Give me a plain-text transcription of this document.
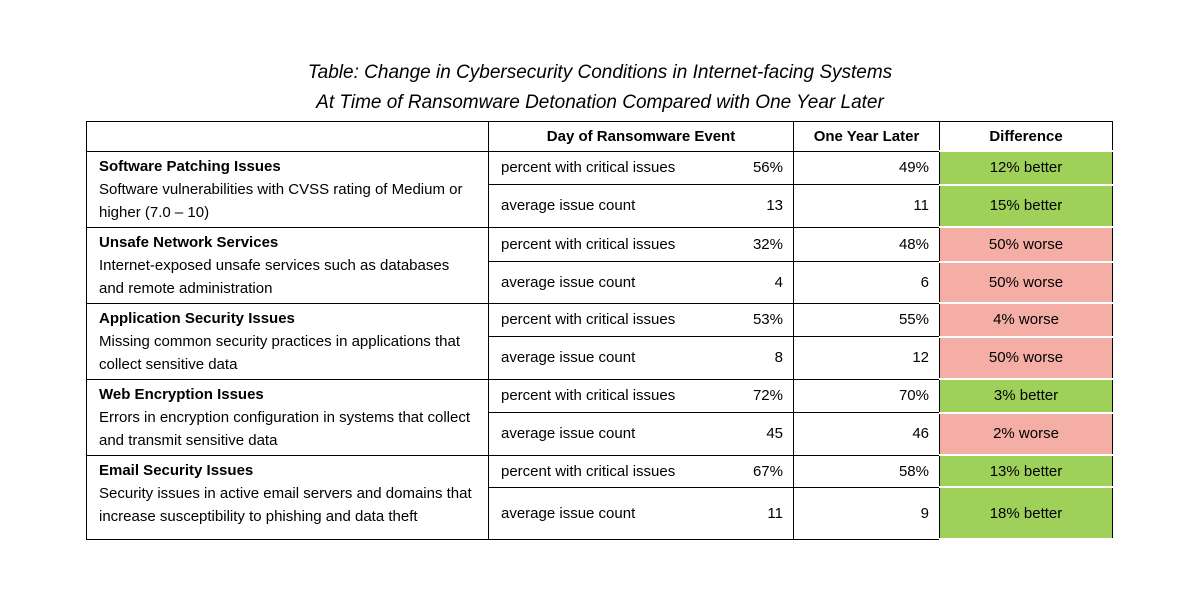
Table: Change in Cybersecurity Conditions in Internet-facing Systems
At Time of Ransomware Detonation Compared with One Year Later
	Day of Ransomware Event		One Year Later	Difference

Software Patching Issues
Software vulnerabilities with CVSS rating of Medium or higher (7.0 – 10)	percent with critical issues	56%	49%	12% better
	average issue count	13	11	15% better

Unsafe Network Services
Internet-exposed unsafe services such as databases and remote administration	percent with critical issues	32%	48%	50% worse
	average issue count	4	6	50% worse

Application Security Issues
Missing common security practices in applications that collect sensitive data	percent with critical issues	53%	55%	4% worse
	average issue count	8	12	50% worse

Web Encryption Issues
Errors in encryption configuration in systems that collect and transmit sensitive data	percent with critical issues	72%	70%	3% better
	average issue count	45	46	2% worse

Email Security Issues
Security issues in active email servers and domains that increase susceptibility to phishing and data theft	percent with critical issues	67%	58%	13% better
	average issue count	11	9	18% better
